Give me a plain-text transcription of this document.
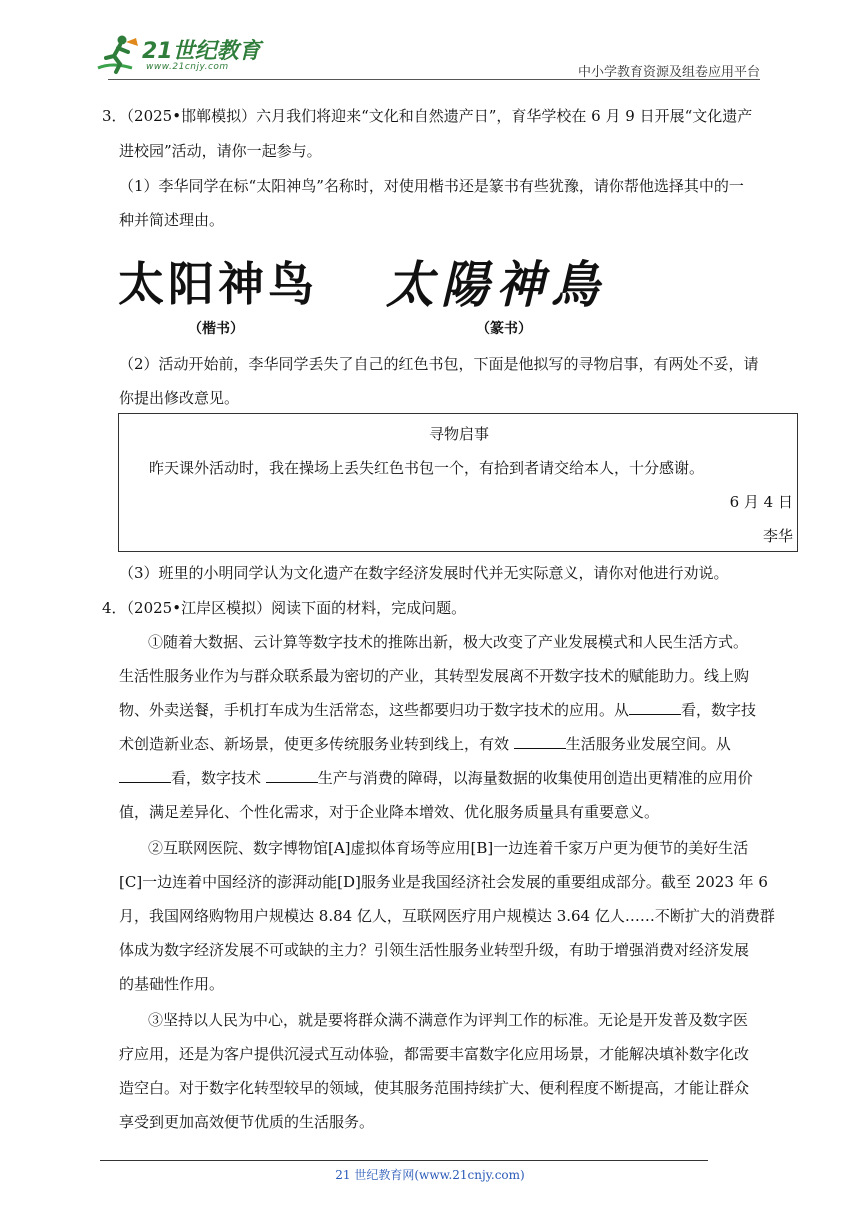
21世纪教育
www.21cnjy.com	中小学教育资源及组卷应用平台
3．（2025•邯郸模拟）六月我们将迎来“文化和自然遗产日”，育华学校在 6 月 9 日开展“文化遗产
进校园”活动，请你一起参与。
（1）李华同学在标“太阳神鸟”名称时，对使用楷书还是篆书有些犹豫，请你帮他选择其中的一
种并简述理由。
太阳神鸟 太陽神鳥
（楷书）	（篆书）
（2）活动开始前，李华同学丢失了自己的红色书包，下面是他拟写的寻物启事，有两处不妥，请
你提出修改意见。
寻物启事
昨天课外活动时，我在操场上丢失红色书包一个，有拾到者请交给本人，十分感谢。
6 月 4 日
李华
（3）班里的小明同学认为文化遗产在数字经济发展时代并无实际意义，请你对他进行劝说。
4．（2025•江岸区模拟）阅读下面的材料，完成问题。
①随着大数据、云计算等数字技术的推陈出新，极大改变了产业发展模式和人民生活方式。
生活性服务业作为与群众联系最为密切的产业，其转型发展离不开数字技术的赋能助力。线上购
物、外卖送餐，手机打车成为生活常态，这些都要归功于数字技术的应用。从	看，数字技
术创造新业态、新场景，使更多传统服务业转到线上，有效	生活服务业发展空间。从
看，数字技术	生产与消费的障碍，以海量数据的收集使用创造出更精准的应用价
值，满足差异化、个性化需求，对于企业降本增效、优化服务质量具有重要意义。
②互联网医院、数字博物馆[A]虚拟体育场等应用[B]一边连着千家万户更为便节的美好生活
[C]一边连着中国经济的澎湃动能[D]服务业是我国经济社会发展的重要组成部分。截至 2023 年 6
月，我国网络购物用户规模达 8.84 亿人，互联网医疗用户规模达 3.64 亿人……不断扩大的消费群
体成为数字经济发展不可或缺的主力？引领生活性服务业转型升级，有助于增强消费对经济发展
的基础性作用。
③坚持以人民为中心，就是要将群众满不满意作为评判工作的标准。无论是开发普及数字医
疗应用，还是为客户提供沉浸式互动体验，都需要丰富数字化应用场景，才能解决填补数字化改
造空白。对于数字化转型较早的领域，使其服务范围持续扩大、便利程度不断提高，才能让群众
享受到更加高效便节优质的生活服务。
21 世纪教育网(www.21cnjy.com)
